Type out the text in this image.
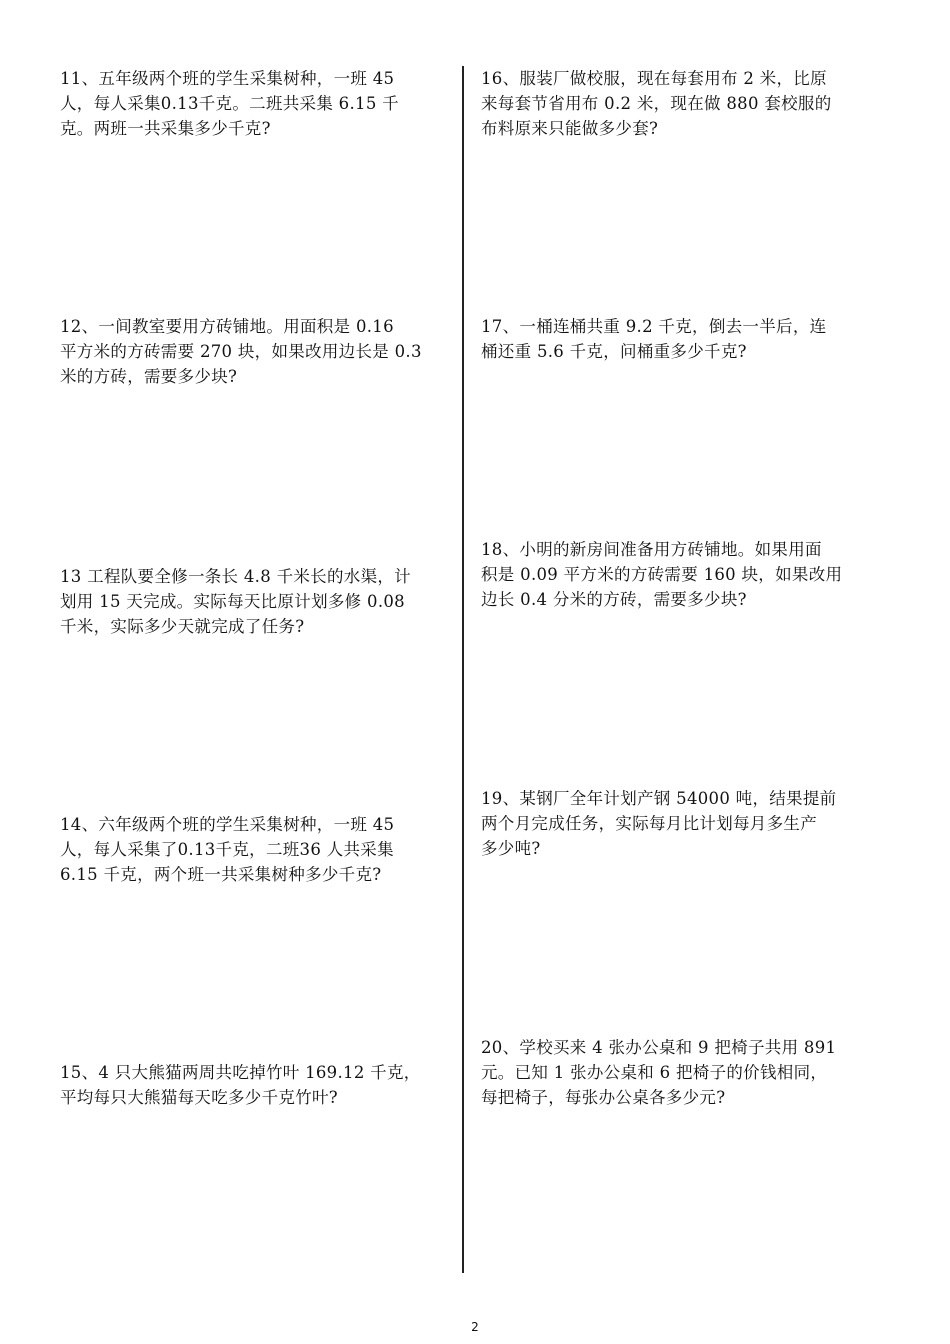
11、五年级两个班的学生采集树种，一班 45
人，每人采集0.13千克。二班共采集 6.15 千
克。两班一共采集多少千克?
12、一间教室要用方砖铺地。用面积是 0.16
平方米的方砖需要 270 块，如果改用边长是 0.3
米的方砖，需要多少块?
13 工程队要全修一条长 4.8 千米长的水渠，计
划用 15 天完成。实际每天比原计划多修 0.08
千米，实际多少天就完成了任务?
14、六年级两个班的学生采集树种，一班 45
人，每人采集了0.13千克，二班36 人共采集
6.15 千克，两个班一共采集树种多少千克?
15、4 只大熊猫两周共吃掉竹叶 169.12 千克，
平均每只大熊猫每天吃多少千克竹叶?
16、服装厂做校服，现在每套用布 2 米，比原
来每套节省用布 0.2 米，现在做 880 套校服的
布料原来只能做多少套?
17、一桶连桶共重 9.2 千克，倒去一半后，连
桶还重 5.6 千克，问桶重多少千克?
18、小明的新房间准备用方砖铺地。如果用面
积是 0.09 平方米的方砖需要 160 块，如果改用
边长 0.4 分米的方砖，需要多少块?
19、某钢厂全年计划产钢 54000 吨，结果提前
两个月完成任务，实际每月比计划每月多生产
多少吨?
20、学校买来 4 张办公桌和 9 把椅子共用 891
元。已知 1 张办公桌和 6 把椅子的价钱相同，
每把椅子，每张办公桌各多少元?
2
